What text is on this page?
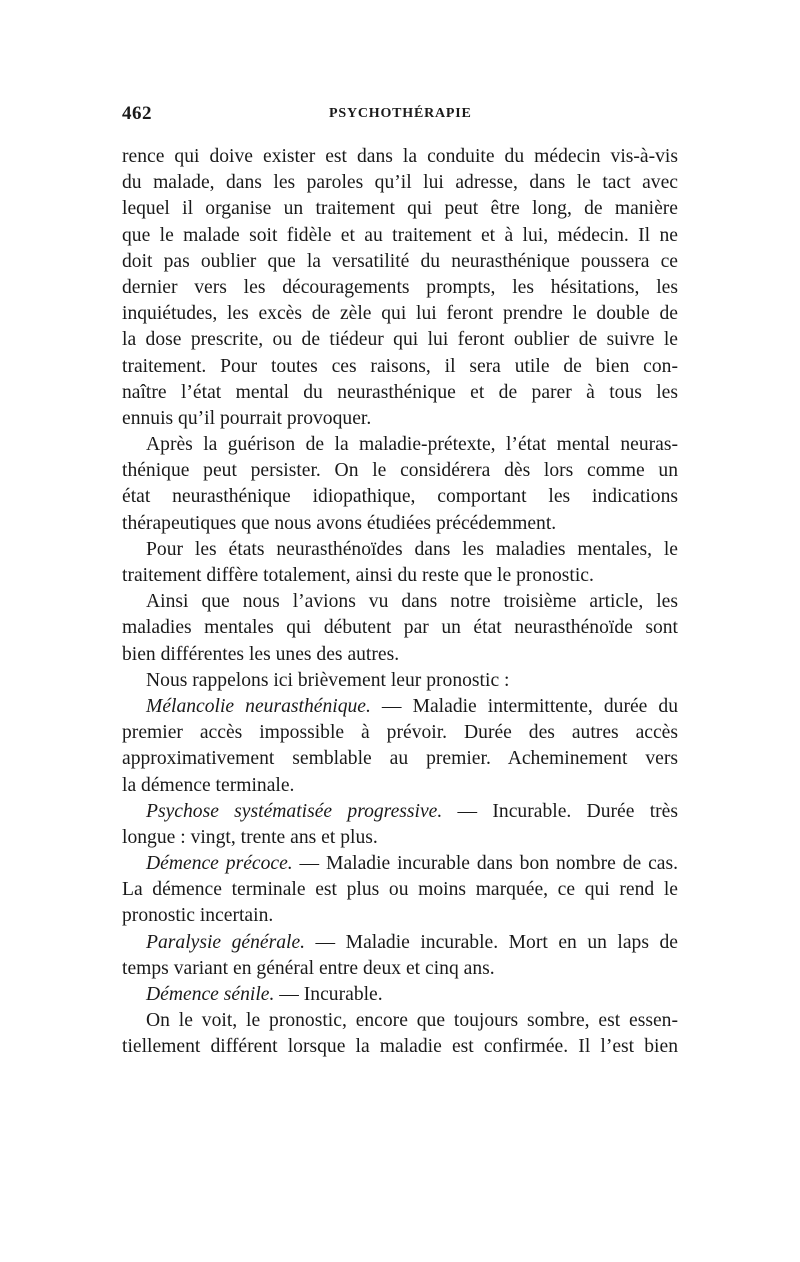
462	PSYCHOTHÉRAPIE
rence qui doive exister est dans la conduite du médecin vis-à-vis
du malade, dans les paroles qu’il lui adresse, dans le tact avec
lequel il organise un traitement qui peut être long, de manière
que le malade soit fidèle et au traitement et à lui, médecin. Il ne
doit pas oublier que la versatilité du neurasthénique poussera ce
dernier vers les découragements prompts, les hésitations, les
inquiétudes, les excès de zèle qui lui feront prendre le double de
la dose prescrite, ou de tiédeur qui lui feront oublier de suivre le
traitement. Pour toutes ces raisons, il sera utile de bien con-
naître l’état mental du neurasthénique et de parer à tous les
ennuis qu’il pourrait provoquer.
Après la guérison de la maladie-prétexte, l’état mental neuras-
thénique peut persister. On le considérera dès lors comme un
état neurasthénique idiopathique, comportant les indications
thérapeutiques que nous avons étudiées précédemment.
Pour les états neurasthénoïdes dans les maladies mentales, le
traitement diffère totalement, ainsi du reste que le pronostic.
Ainsi que nous l’avions vu dans notre troisième article, les
maladies mentales qui débutent par un état neurasthénoïde sont
bien différentes les unes des autres.
Nous rappelons ici brièvement leur pronostic :
Mélancolie neurasthénique. — Maladie intermittente, durée du
premier accès impossible à prévoir. Durée des autres accès
approximativement semblable au premier. Acheminement vers
la démence terminale.
Psychose systématisée progressive. — Incurable. Durée très
longue : vingt, trente ans et plus.
Démence précoce. — Maladie incurable dans bon nombre de cas.
La démence terminale est plus ou moins marquée, ce qui rend le
pronostic incertain.
Paralysie générale. — Maladie incurable. Mort en un laps de
temps variant en général entre deux et cinq ans.
Démence sénile. — Incurable.
On le voit, le pronostic, encore que toujours sombre, est essen-
tiellement différent lorsque la maladie est confirmée. Il l’est bien
